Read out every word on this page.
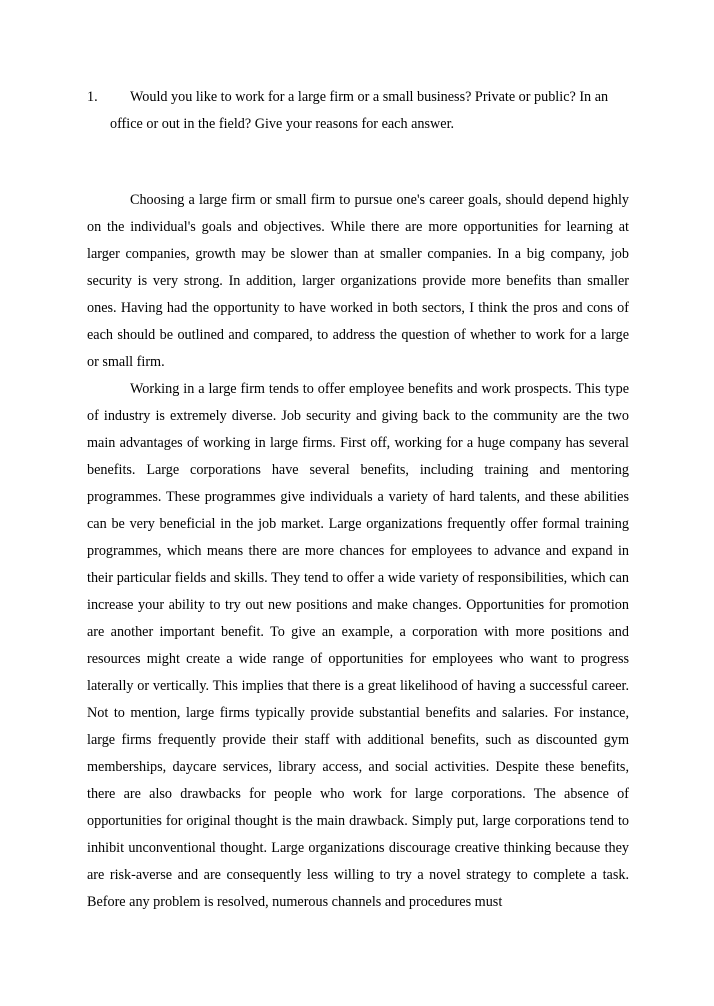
1.	Would you like to work for a large firm or a small business? Private or public? In an office or out in the field? Give your reasons for each answer.

Choosing a large firm or small firm to pursue one's career goals, should depend highly on the individual's goals and objectives. While there are more opportunities for learning at larger companies, growth may be slower than at smaller companies. In a big company, job security is very strong. In addition, larger organizations provide more benefits than smaller ones. Having had the opportunity to have worked in both sectors, I think the pros and cons of each should be outlined and compared, to address the question of whether to work for a large or small firm.

Working in a large firm tends to offer employee benefits and work prospects. This type of industry is extremely diverse. Job security and giving back to the community are the two main advantages of working in large firms. First off, working for a huge company has several benefits. Large corporations have several benefits, including training and mentoring programmes. These programmes give individuals a variety of hard talents, and these abilities can be very beneficial in the job market. Large organizations frequently offer formal training programmes, which means there are more chances for employees to advance and expand in their particular fields and skills. They tend to offer a wide variety of responsibilities, which can increase your ability to try out new positions and make changes. Opportunities for promotion are another important benefit. To give an example, a corporation with more positions and resources might create a wide range of opportunities for employees who want to progress laterally or vertically. This implies that there is a great likelihood of having a successful career. Not to mention, large firms typically provide substantial benefits and salaries. For instance, large firms frequently provide their staff with additional benefits, such as discounted gym memberships, daycare services, library access, and social activities. Despite these benefits, there are also drawbacks for people who work for large corporations. The absence of opportunities for original thought is the main drawback. Simply put, large corporations tend to inhibit unconventional thought. Large organizations discourage creative thinking because they are risk-averse and are consequently less willing to try a novel strategy to complete a task. Before any problem is resolved, numerous channels and procedures must
